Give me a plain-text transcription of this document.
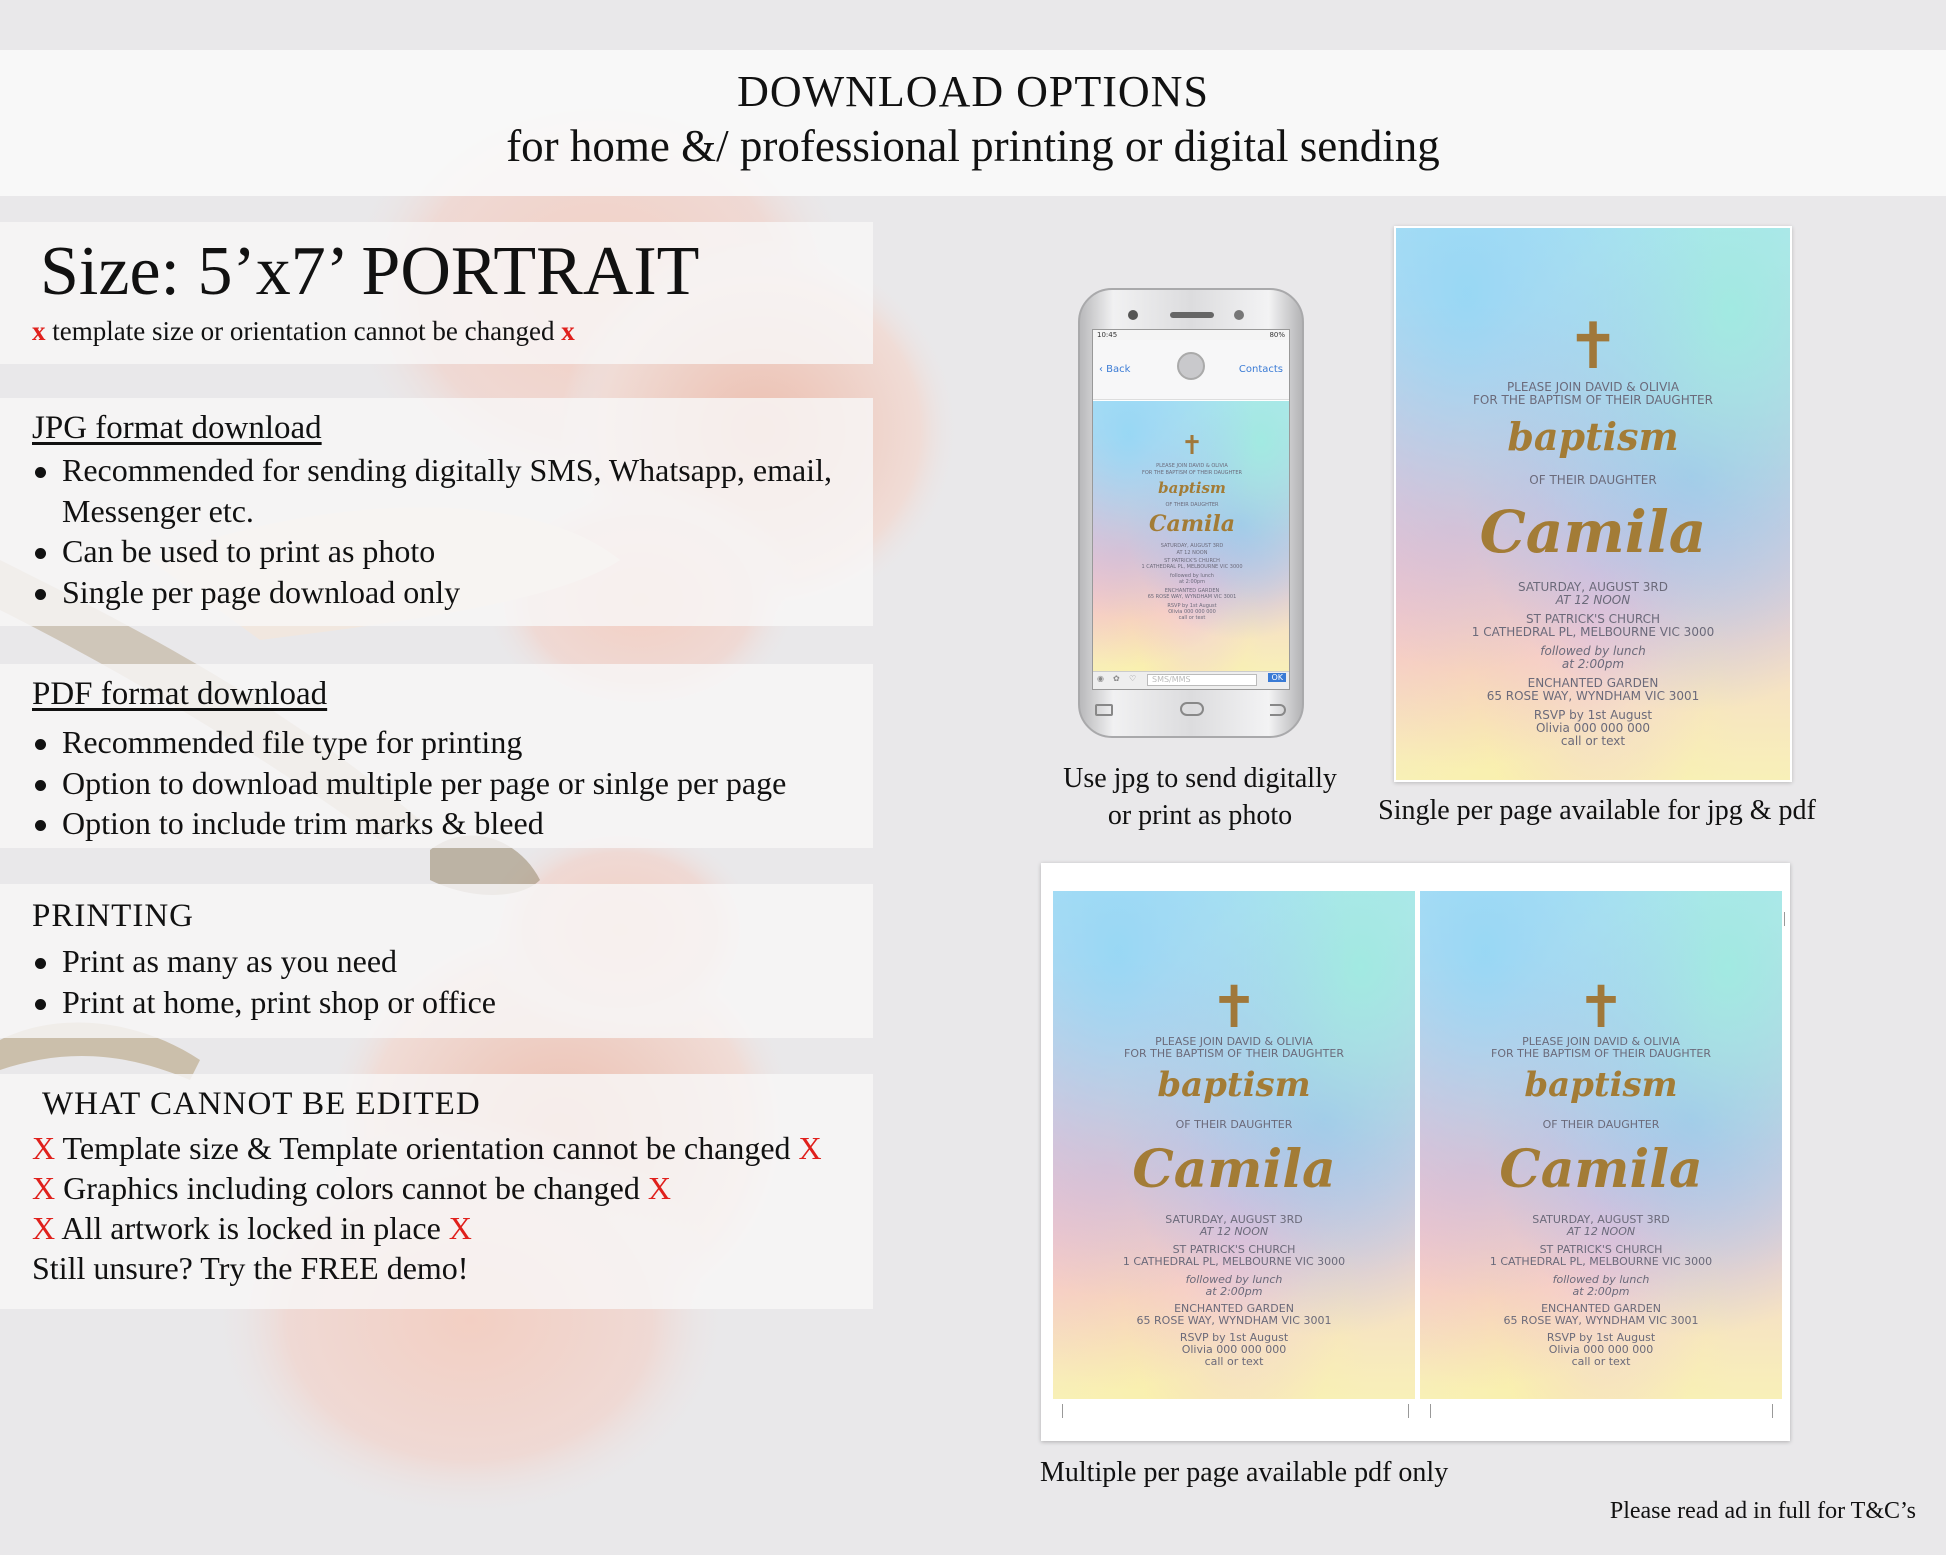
DOWNLOAD OPTIONS
for home &/ professional printing or digital sending
Size: 5’x7’ PORTRAIT
x template size or orientation cannot be changed x
JPG format download
Recommended for sending digitally SMS, Whatsapp, email,
Messenger etc.
Can be used to print as photo
Single per page download only
PDF format download
Recommended file type for printing
Option to download multiple per page or sinlge per page
Option to include trim marks & bleed
PRINTING
Print as many as you need
Print at home, print shop or office
WHAT CANNOT BE EDITED
X Template size & Template orientation cannot be changed X
X Graphics including colors cannot be changed X
X All artwork is locked in place X
Still unsure? Try the FREE demo!
10:45	80%
‹ Back	Contacts
✝
PLEASE JOIN DAVID & OLIVIA
FOR THE BAPTISM OF THEIR DAUGHTER
baptism
OF THEIR DAUGHTER
Camila
SATURDAY, AUGUST 3RD
AT 12 NOON
ST PATRICK'S CHURCH
1 CATHEDRAL PL, MELBOURNE VIC 3000
followed by lunch
at 2:00pm
ENCHANTED GARDEN
65 ROSE WAY, WYNDHAM VIC 3001
RSVP by 1st August
Olivia 000 000 000
call or text
◉ ✿ ♡	SMS/MMS	OK
Use jpg to send digitally
or print as photo
✝
PLEASE JOIN DAVID & OLIVIA
FOR THE BAPTISM OF THEIR DAUGHTER
baptism
OF THEIR DAUGHTER
Camila
SATURDAY, AUGUST 3RD
AT 12 NOON
ST PATRICK'S CHURCH
1 CATHEDRAL PL, MELBOURNE VIC 3000
followed by lunch
at 2:00pm
ENCHANTED GARDEN
65 ROSE WAY, WYNDHAM VIC 3001
RSVP by 1st August
Olivia 000 000 000
call or text
Single per page available for jpg & pdf
✝
PLEASE JOIN DAVID & OLIVIA
FOR THE BAPTISM OF THEIR DAUGHTER
baptism
OF THEIR DAUGHTER
Camila
SATURDAY, AUGUST 3RD
AT 12 NOON
ST PATRICK'S CHURCH
1 CATHEDRAL PL, MELBOURNE VIC 3000
followed by lunch
at 2:00pm
ENCHANTED GARDEN
65 ROSE WAY, WYNDHAM VIC 3001
RSVP by 1st August
Olivia 000 000 000
call or text
✝
PLEASE JOIN DAVID & OLIVIA
FOR THE BAPTISM OF THEIR DAUGHTER
baptism
OF THEIR DAUGHTER
Camila
SATURDAY, AUGUST 3RD
AT 12 NOON
ST PATRICK'S CHURCH
1 CATHEDRAL PL, MELBOURNE VIC 3000
followed by lunch
at 2:00pm
ENCHANTED GARDEN
65 ROSE WAY, WYNDHAM VIC 3001
RSVP by 1st August
Olivia 000 000 000
call or text
Multiple per page available pdf only
Please read ad in full for T&C’s
